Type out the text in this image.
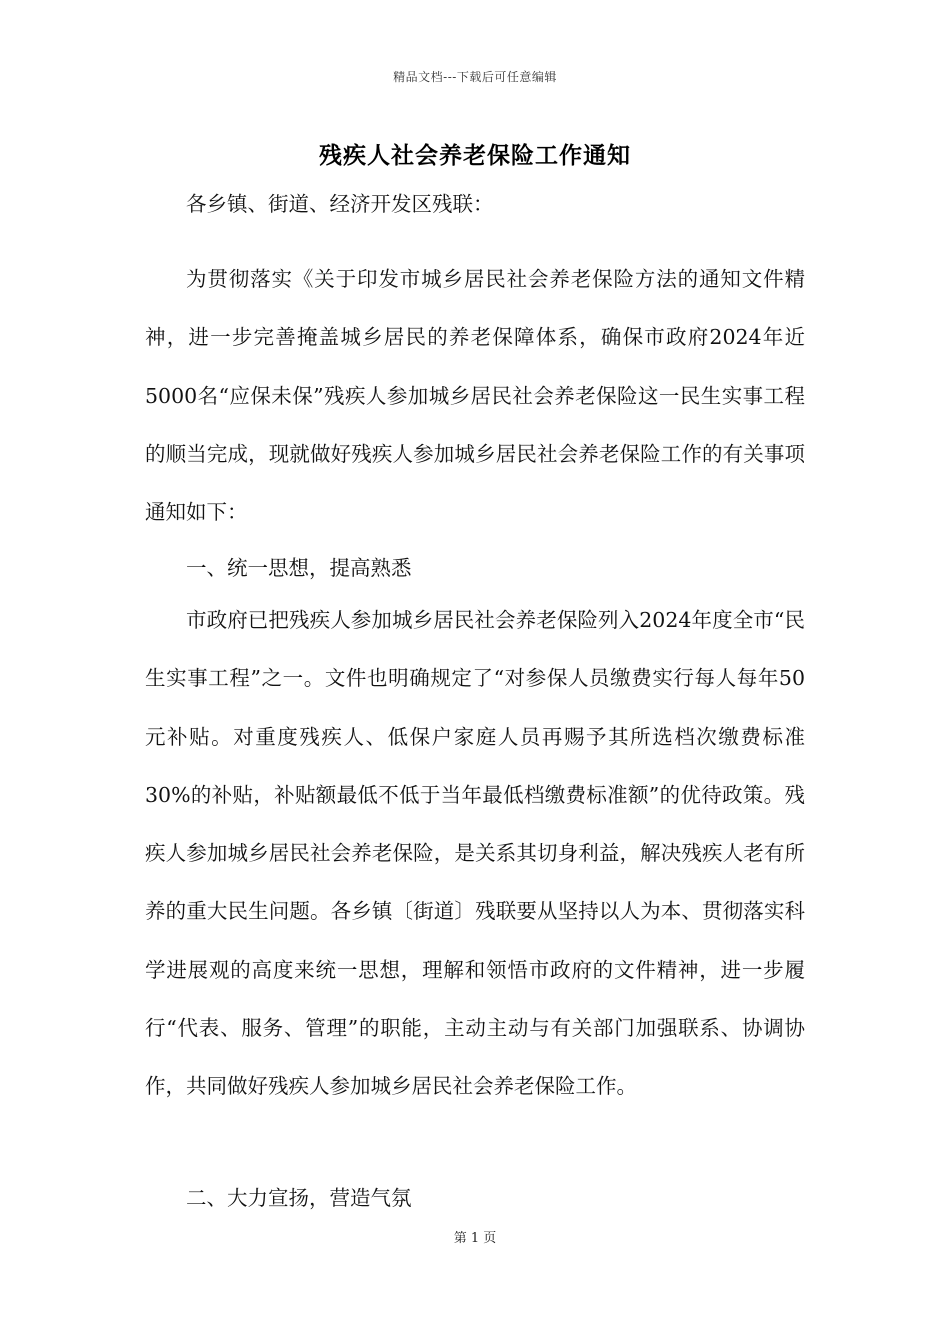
精品文档---下载后可任意编辑
残疾人社会养老保险工作通知

各乡镇、街道、经济开发区残联：

为贯彻落实《关于印发市城乡居民社会养老保险方法的通知文件精神，进一步完善掩盖城乡居民的养老保障体系，确保市政府2024年近5000名“应保未保”残疾人参加城乡居民社会养老保险这一民生实事工程的顺当完成，现就做好残疾人参加城乡居民社会养老保险工作的有关事项通知如下：

一、统一思想，提高熟悉

市政府已把残疾人参加城乡居民社会养老保险列入2024年度全市“民生实事工程”之一。文件也明确规定了“对参保人员缴费实行每人每年50元补贴。对重度残疾人、低保户家庭人员再赐予其所选档次缴费标准30%的补贴，补贴额最低不低于当年最低档缴费标准额”的优待政策。残疾人参加城乡居民社会养老保险，是关系其切身利益，解决残疾人老有所养的重大民生问题。各乡镇〔街道〕残联要从坚持以人为本、贯彻落实科学进展观的高度来统一思想，理解和领悟市政府的文件精神，进一步履行“代表、服务、管理”的职能，主动主动与有关部门加强联系、协调协作，共同做好残疾人参加城乡居民社会养老保险工作。

二、大力宣扬，营造气氛
第 1 页
